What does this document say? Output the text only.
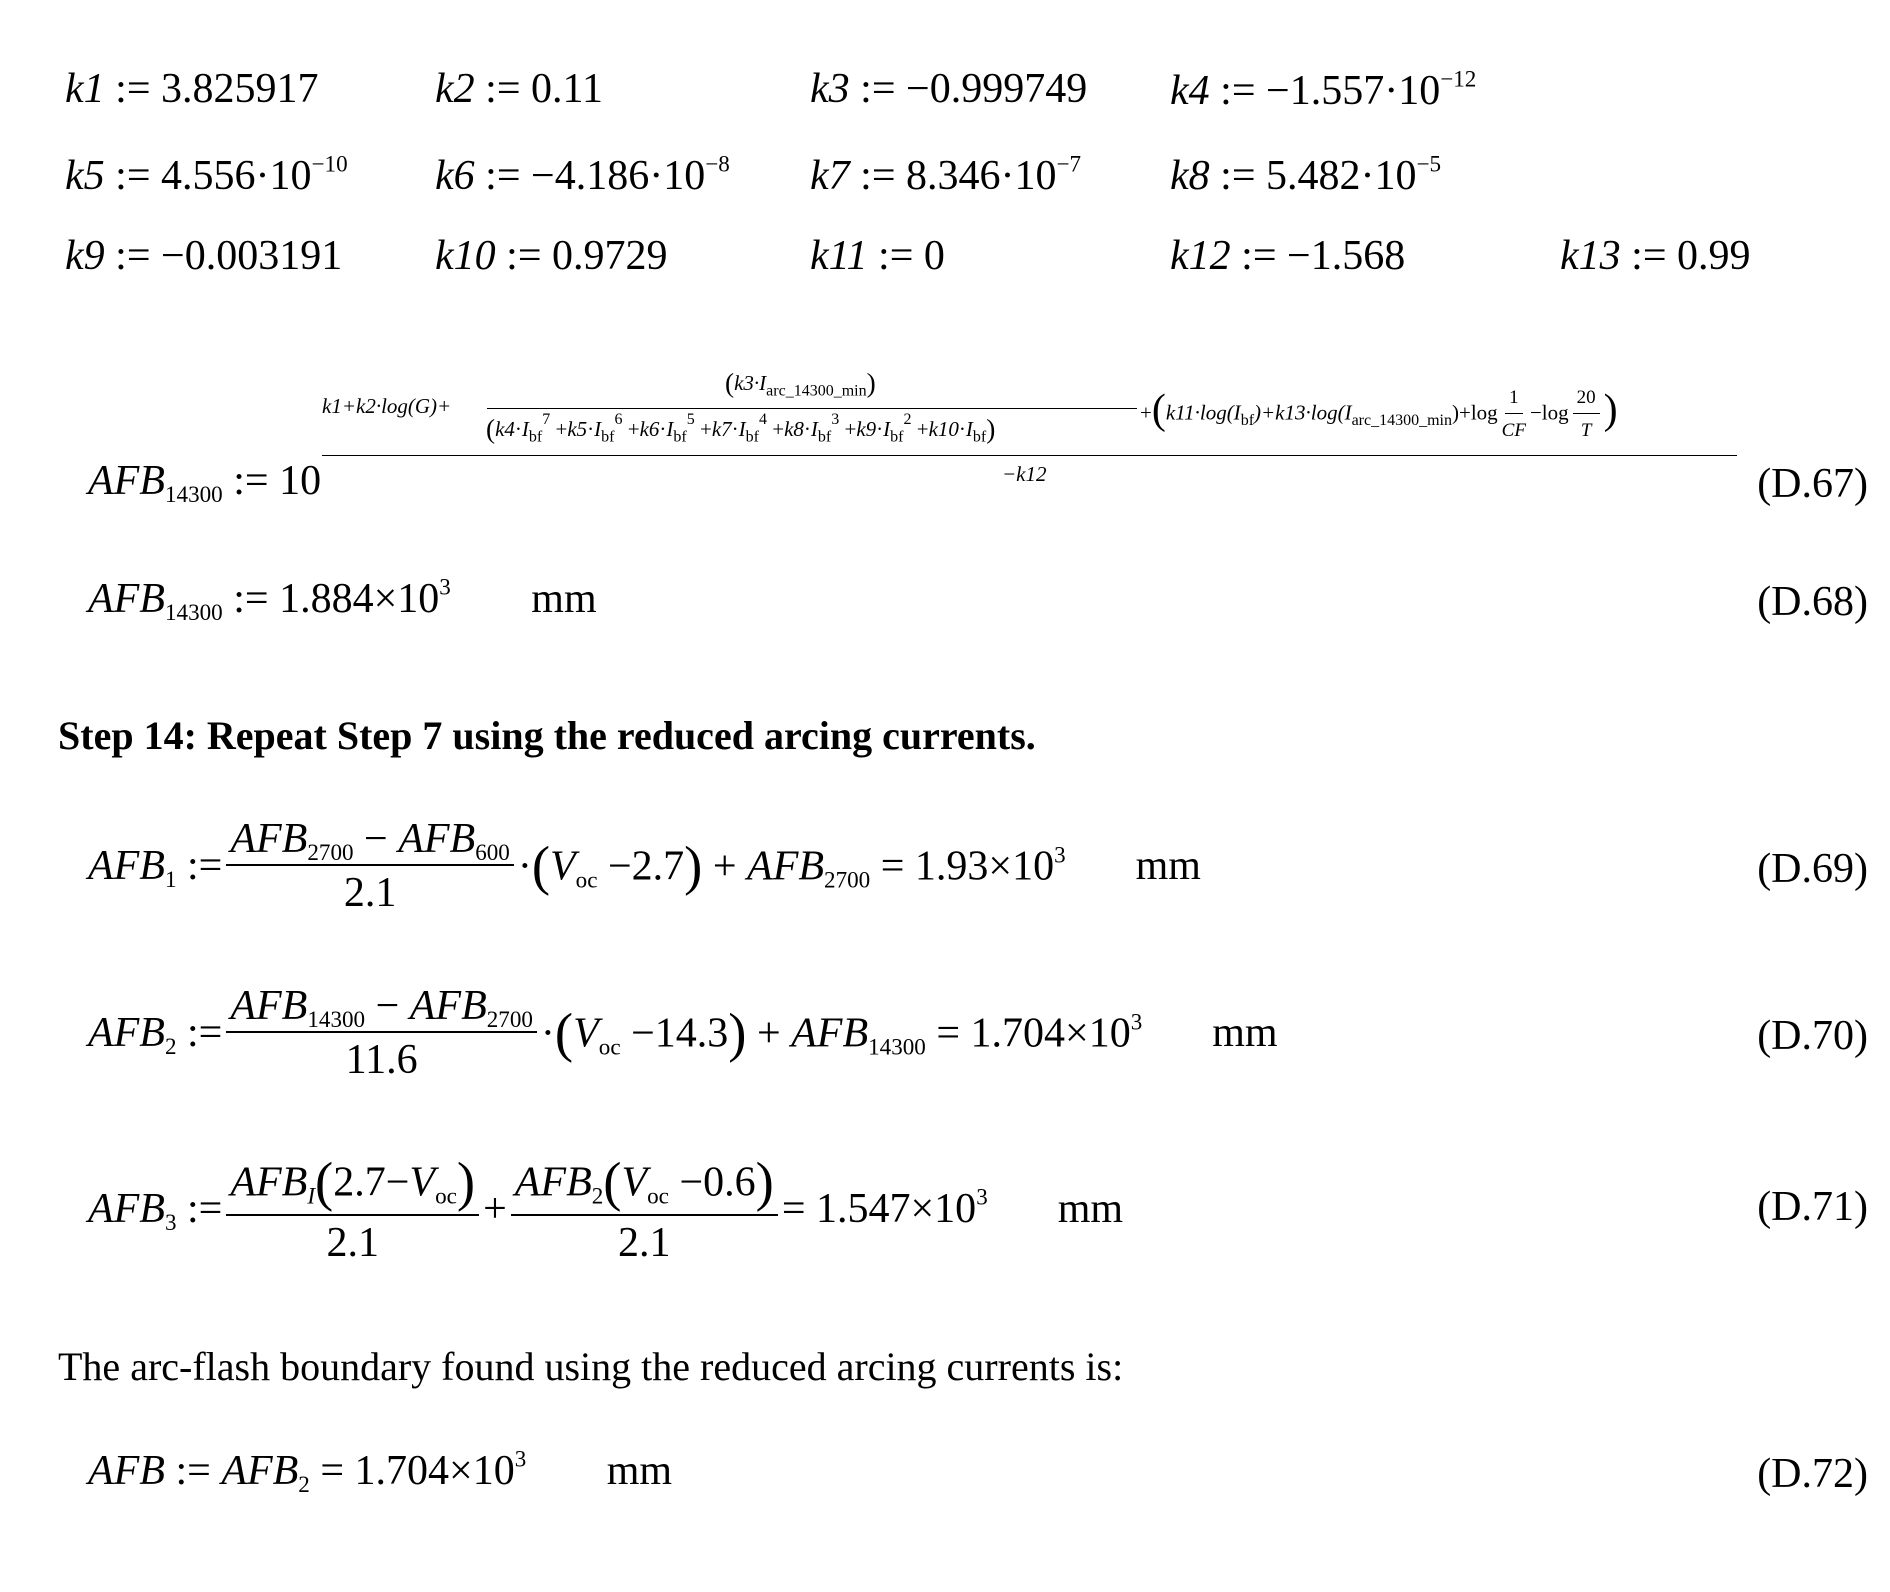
k1 := 3.825917	k2 := 0.11	k3 := −0.999749 k4 := $-1.557\cdot 10^{-12}$
k5 := $4.556\cdot 10^{-10}$ k6 := $-4.186\cdot 10^{-8}$ k7 := $8.346\cdot 10^{-7}$ k8 := $5.482\cdot 10^{-5}$
k9 := −0.003191 k10 := 0.9729	k11 := 0	k12 := −1.568	k13 := 0.99
$AFB_{14300}$ := 10
k1+k2·log(G)+
$(k3\cdot I_{arc\_14300\_min})$
$(k4\cdot I_{bf}^7 +k5\cdot I_{bf}^6 +k6\cdot I_{bf}^5 +k7\cdot I_{bf}^4 +k8\cdot I_{bf}^3 +k9\cdot I_{bf}^2 +k10\cdot I_{bf})$
$+(k11\cdot\log(I_{bf})+k13\cdot\log(I_{arc\_14300\_min})+\log \frac{1}{CF} -\log \frac{20}{T}$ )
−k12	(D.67)
$AFB_{14300}$ := $1.884\times 10^3$ mm	(D.68)
Step 14: Repeat Step 7 using the reduced arcing currents.
$AFB_1$
:= $\frac{AFB_{2700} - AFB_{600}}{2.1} \cdot(V_{oc} -2.7) + AFB_{2700} = 1.93\times 10^3$ mm	(D.69)
$AFB_2$
:= $\frac{AFB_{14300} - AFB_{2700}}{11.6} \cdot(V_{oc} -14.3) + AFB_{14300} = 1.704\times 10^3$ mm	(D.70)
$AFB_3$
:= $\frac{AFB_I(2.7-V_{oc})}{2.1} + \frac{AFB_2(V_{oc} -0.6)}{2.1} = 1.547\times 10^3$ mm	(D.71)
The arc-flash boundary found using the reduced arcing currents is:
AFB := $AFB_2 = 1.704\times 10^3$ mm	(D.72)
